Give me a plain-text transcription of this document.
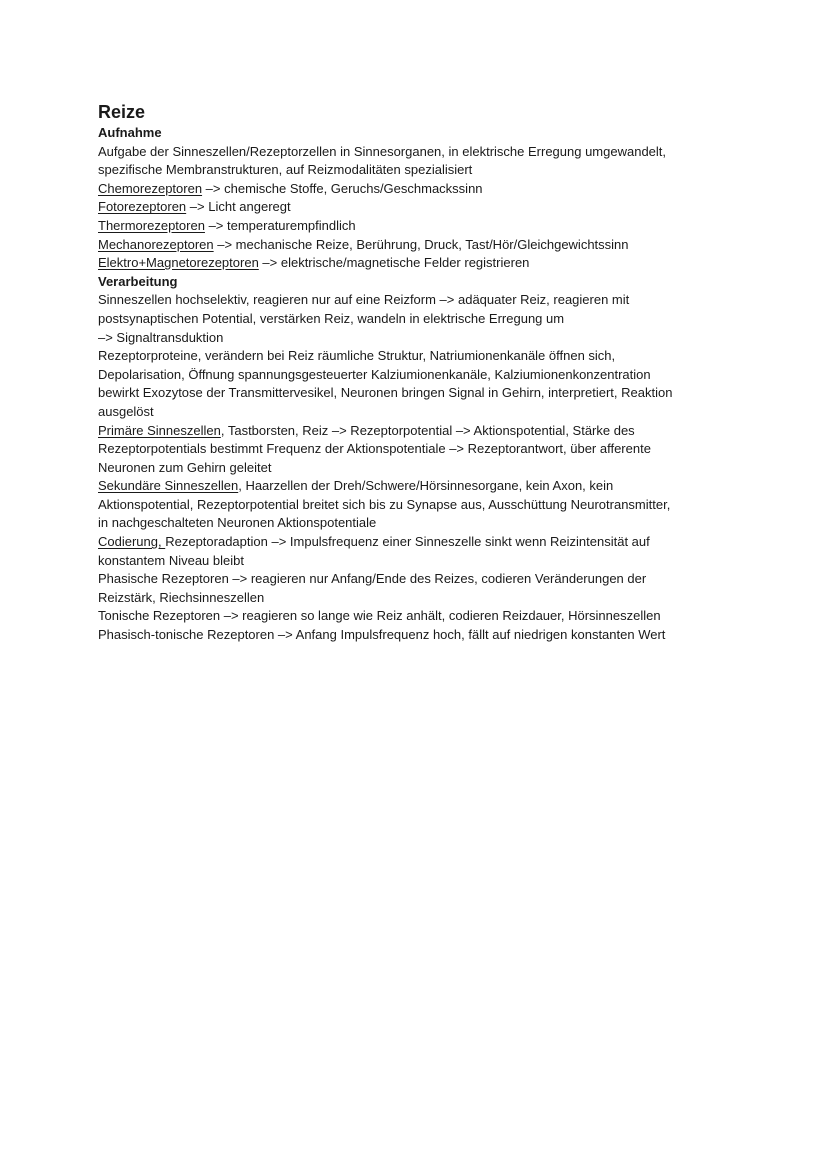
Reize
Aufnahme
Aufgabe der Sinneszellen/Rezeptorzellen in Sinnesorganen, in elektrische Erregung umgewandelt,
spezifische Membranstrukturen, auf Reizmodalitäten spezialisiert
Chemorezeptoren –> chemische Stoffe, Geruchs/Geschmackssinn
Fotorezeptoren –> Licht angeregt
Thermorezeptoren –> temperaturempfindlich
Mechanorezeptoren –> mechanische Reize, Berührung, Druck, Tast/Hör/Gleichgewichtssinn
Elektro+Magnetorezeptoren –> elektrische/magnetische Felder registrieren
Verarbeitung
Sinneszellen hochselektiv, reagieren nur auf eine Reizform –> adäquater Reiz, reagieren mit
postsynaptischen Potential, verstärken Reiz, wandeln in elektrische Erregung um
–> Signaltransduktion
Rezeptorproteine, verändern bei Reiz räumliche Struktur, Natriumionenkanäle öffnen sich,
Depolarisation, Öffnung spannungsgesteuerter Kalziumionenkanäle, Kalziumionenkonzentration
bewirkt Exozytose der Transmittervesikel, Neuronen bringen Signal in Gehirn, interpretiert, Reaktion
ausgelöst
Primäre Sinneszellen, Tastborsten, Reiz –> Rezeptorpotential –> Aktionspotential, Stärke des
Rezeptorpotentials bestimmt Frequenz der Aktionspotentiale –> Rezeptorantwort, über afferente
Neuronen zum Gehirn geleitet
Sekundäre Sinneszellen, Haarzellen der Dreh/Schwere/Hörsinnesorgane, kein Axon, kein
Aktionspotential, Rezeptorpotential breitet sich bis zu Synapse aus, Ausschüttung Neurotransmitter,
in nachgeschalteten Neuronen Aktionspotentiale
Codierung, Rezeptoradaption –> Impulsfrequenz einer Sinneszelle sinkt wenn Reizintensität auf
konstantem Niveau bleibt
Phasische Rezeptoren –> reagieren nur Anfang/Ende des Reizes, codieren Veränderungen der
Reizstärk, Riechsinneszellen
Tonische Rezeptoren –> reagieren so lange wie Reiz anhält, codieren Reizdauer, Hörsinneszellen
Phasisch-tonische Rezeptoren –> Anfang Impulsfrequenz hoch, fällt auf niedrigen konstanten Wert
